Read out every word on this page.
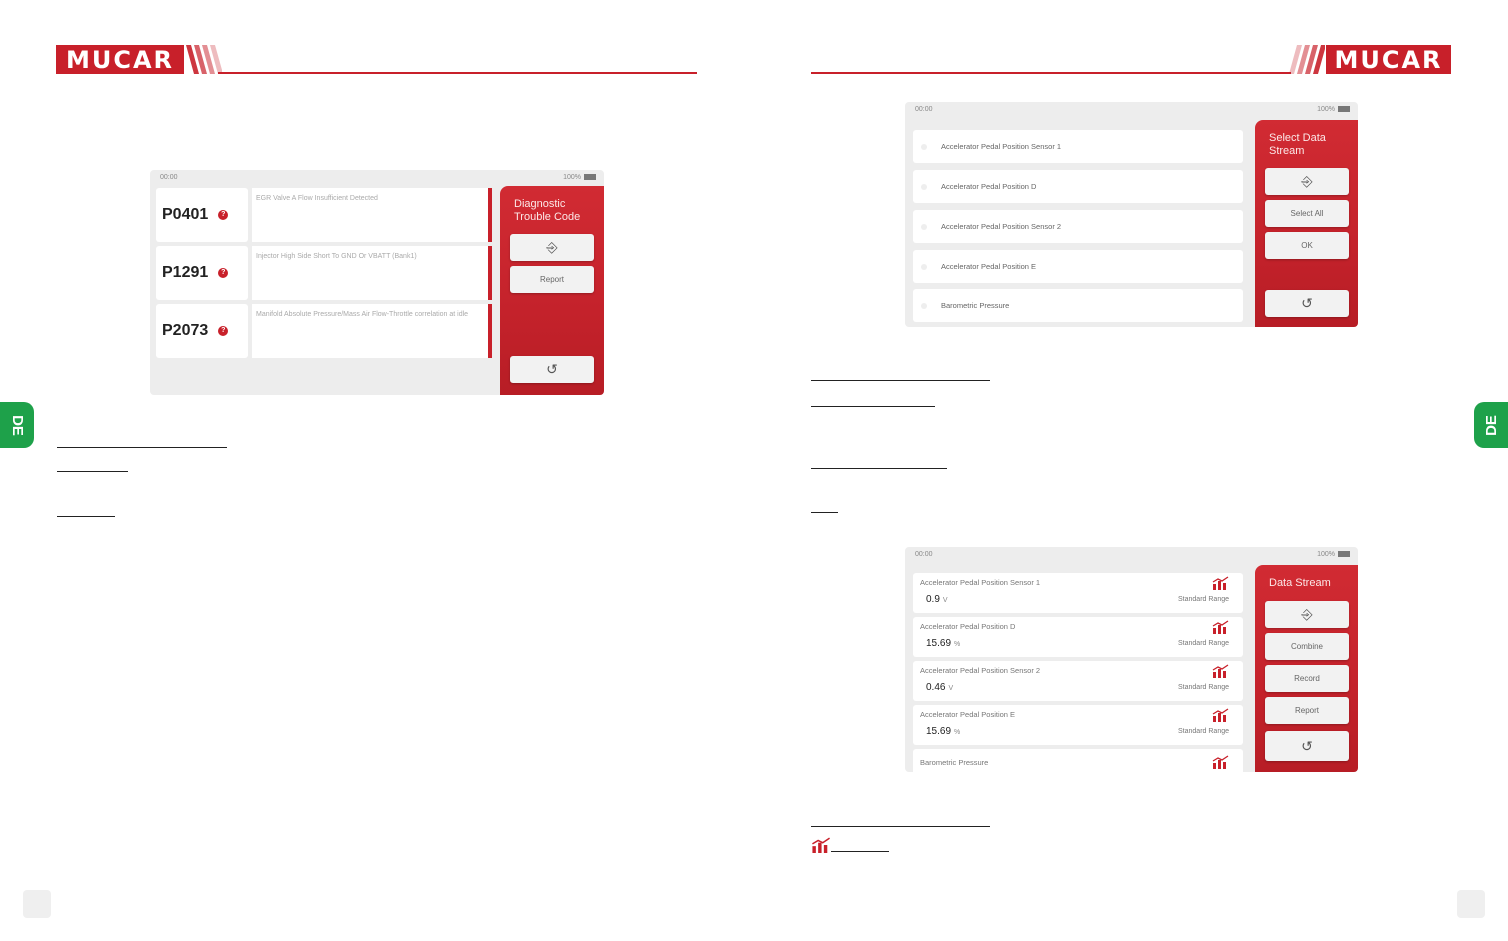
MUCAR	MUCAR
DE	DE
00:00	100%
P0401	?
EGR Valve A Flow Insufficient Detected
P1291	?
Injector High Side Short To GND Or VBATT (Bank1)
P2073	?
Manifold Absolute Pressure/Mass Air Flow-Throttle correlation at idle
Diagnostic Trouble Code
⎆
Report
↺
00:00	100%
Accelerator Pedal Position Sensor 1
Accelerator Pedal Position D
Accelerator Pedal Position Sensor 2
Accelerator Pedal Position E
Barometric Pressure
Select Data Stream
⎆
Select All
OK
↺
00:00	100%
Accelerator Pedal Position Sensor 1
0.9 V	Standard Range
Accelerator Pedal Position D
15.69 %	Standard Range
Accelerator Pedal Position Sensor 2
0.46 V	Standard Range
Accelerator Pedal Position E
15.69 %	Standard Range
Barometric Pressure
Data Stream
⎆
Combine
Record
Report
↺
